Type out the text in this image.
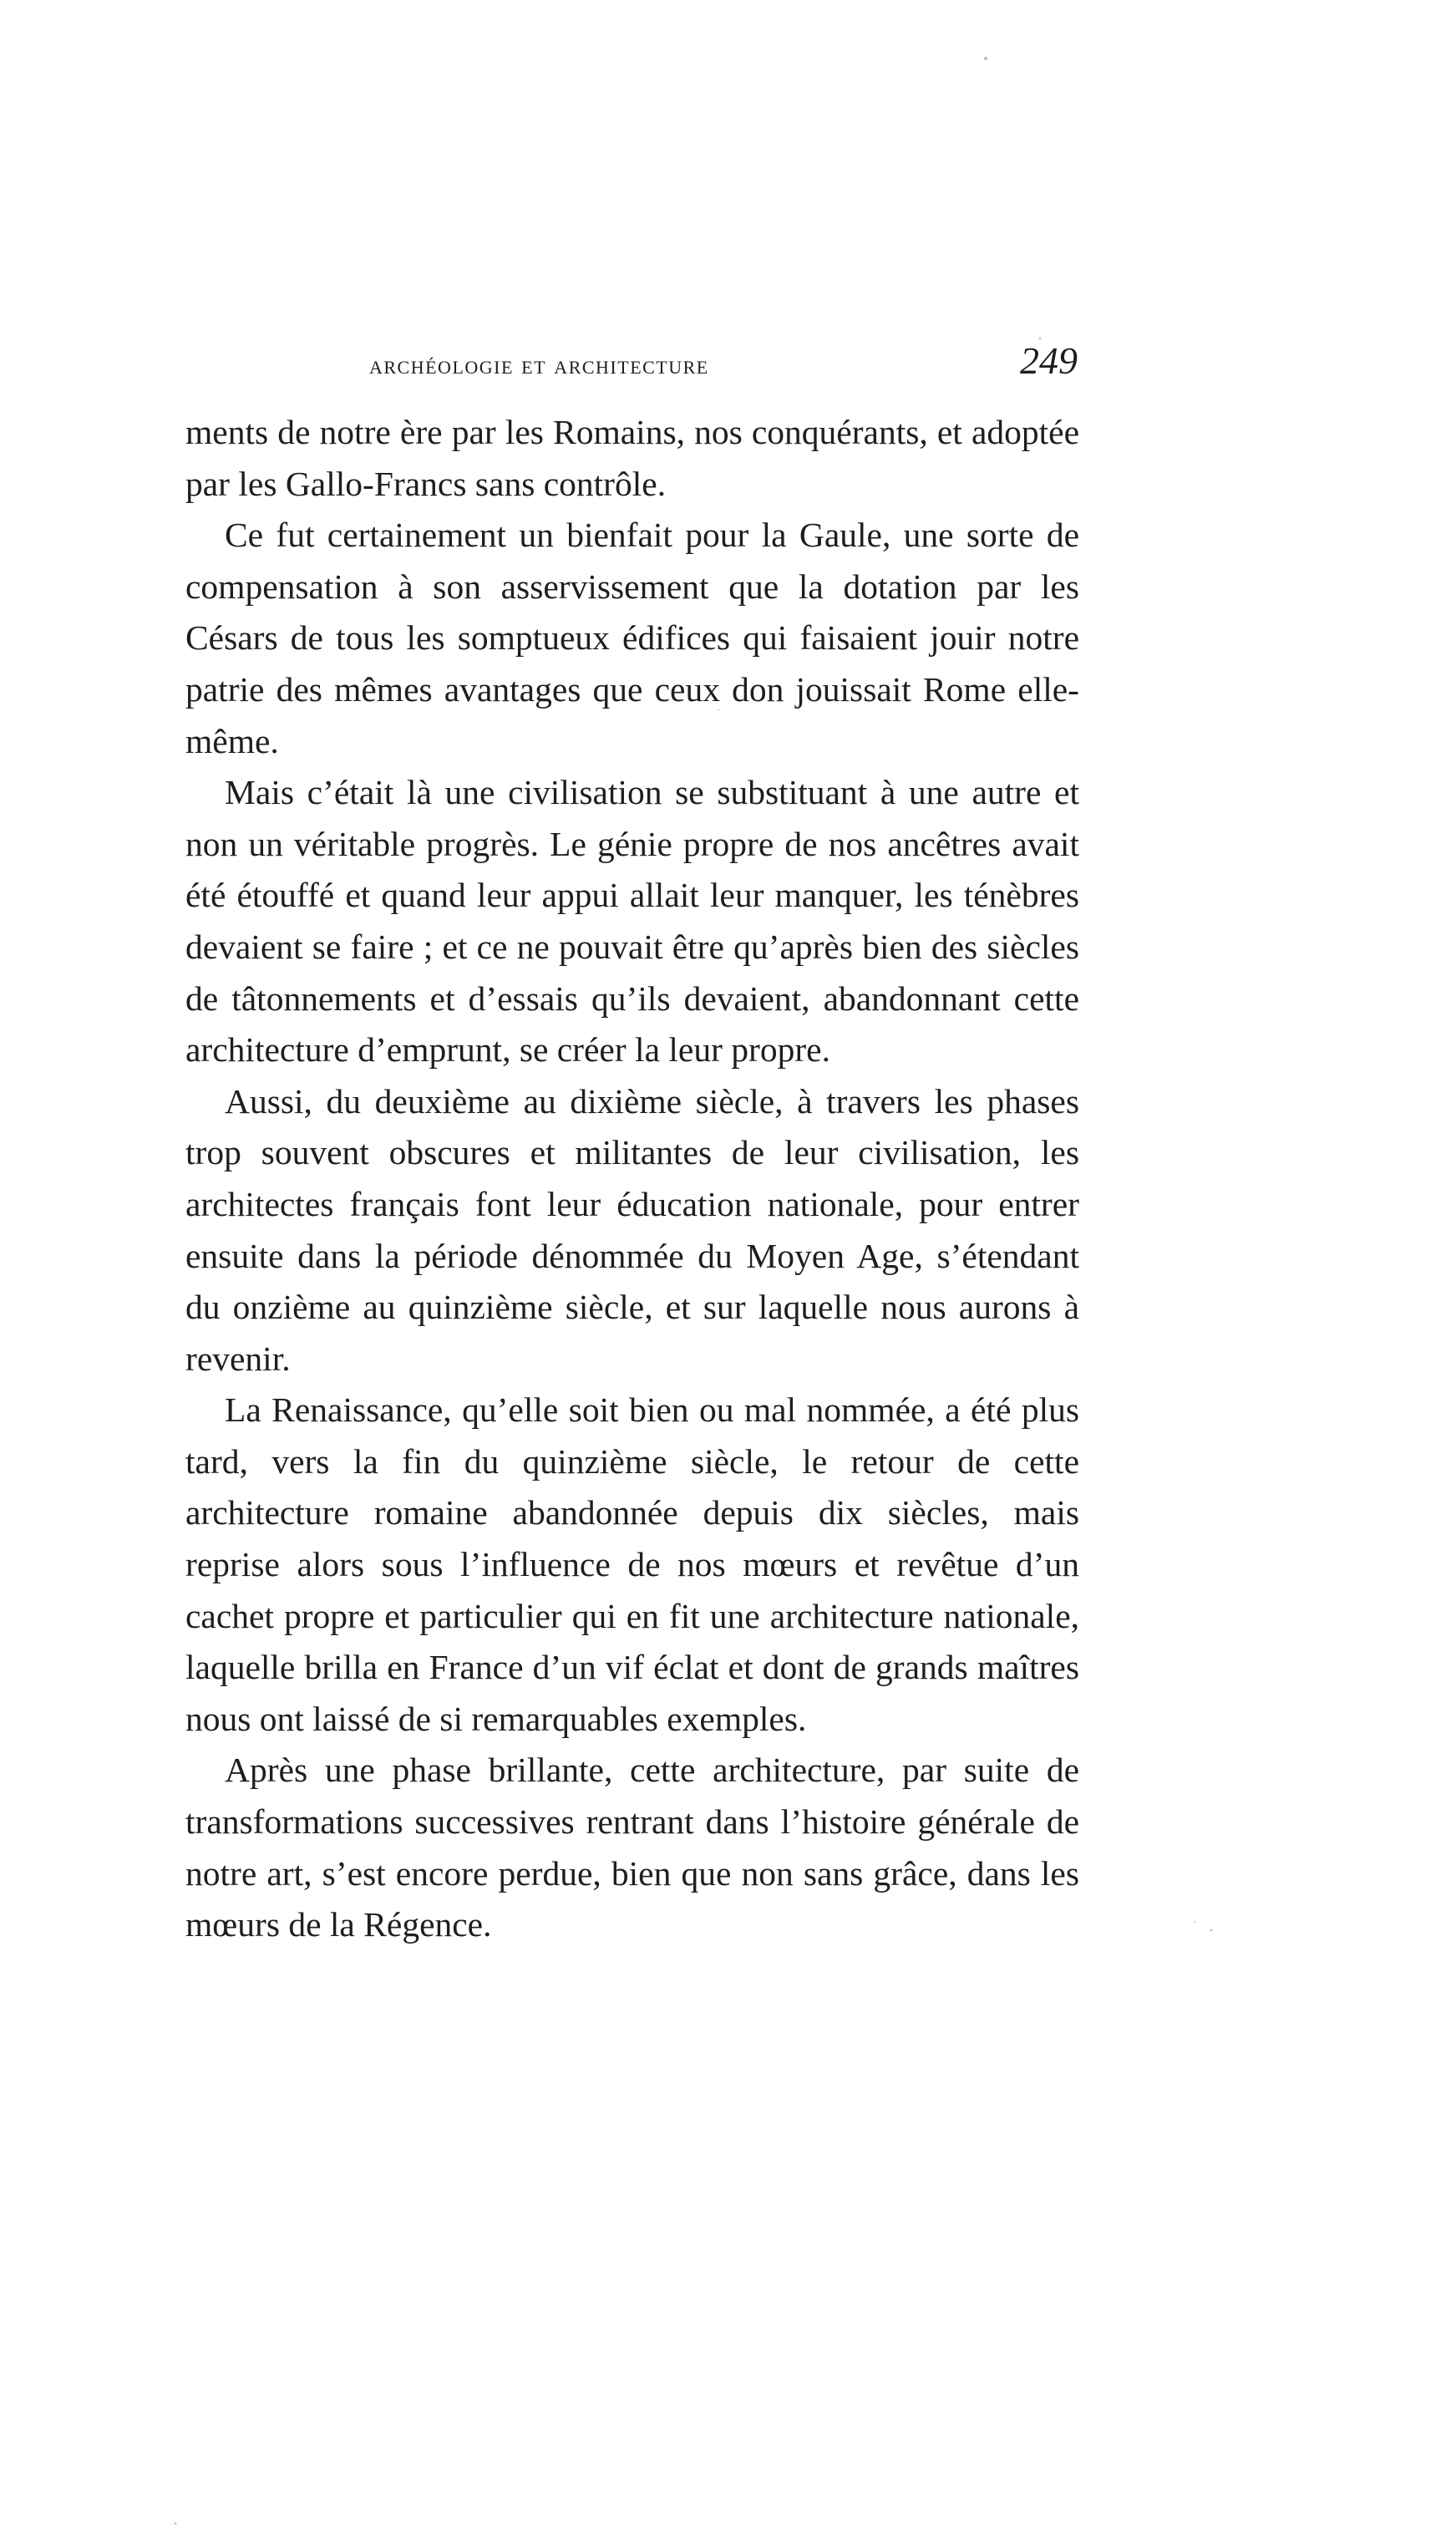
archéologie et architecture	249

ments de notre ère par les Romains, nos conquérants, et adoptée par les Gallo-Francs sans contrôle.

Ce fut certainement un bienfait pour la Gaule, une sorte de compensation à son asservissement que la dotation par les Césars de tous les somptueux édifices qui faisaient jouir notre patrie des mêmes avantages que ceux don jouissait Rome elle-même.

Mais c’était là une civilisation se substituant à une autre et non un véritable progrès. Le génie propre de nos ancêtres avait été étouffé et quand leur appui allait leur manquer, les ténèbres devaient se faire ; et ce ne pouvait être qu’après bien des siècles de tâtonnements et d’essais qu’ils devaient, abandonnant cette architecture d’emprunt, se créer la leur propre.

Aussi, du deuxième au dixième siècle, à travers les phases trop souvent obscures et militantes de leur civilisation, les architectes français font leur éducation nationale, pour entrer ensuite dans la période dénommée du Moyen Age, s’étendant du onzième au quinzième siècle, et sur laquelle nous aurons à revenir.

La Renaissance, qu’elle soit bien ou mal nommée, a été plus tard, vers la fin du quinzième siècle, le retour de cette architecture romaine abandonnée depuis dix siècles, mais reprise alors sous l’influence de nos mœurs et revêtue d’un cachet propre et particulier qui en fit une architecture nationale, laquelle brilla en France d’un vif éclat et dont de grands maîtres nous ont laissé de si remarquables exemples.

Après une phase brillante, cette architecture, par suite de transformations successives rentrant dans l’histoire générale de notre art, s’est encore perdue, bien que non sans grâce, dans les mœurs de la Régence.
